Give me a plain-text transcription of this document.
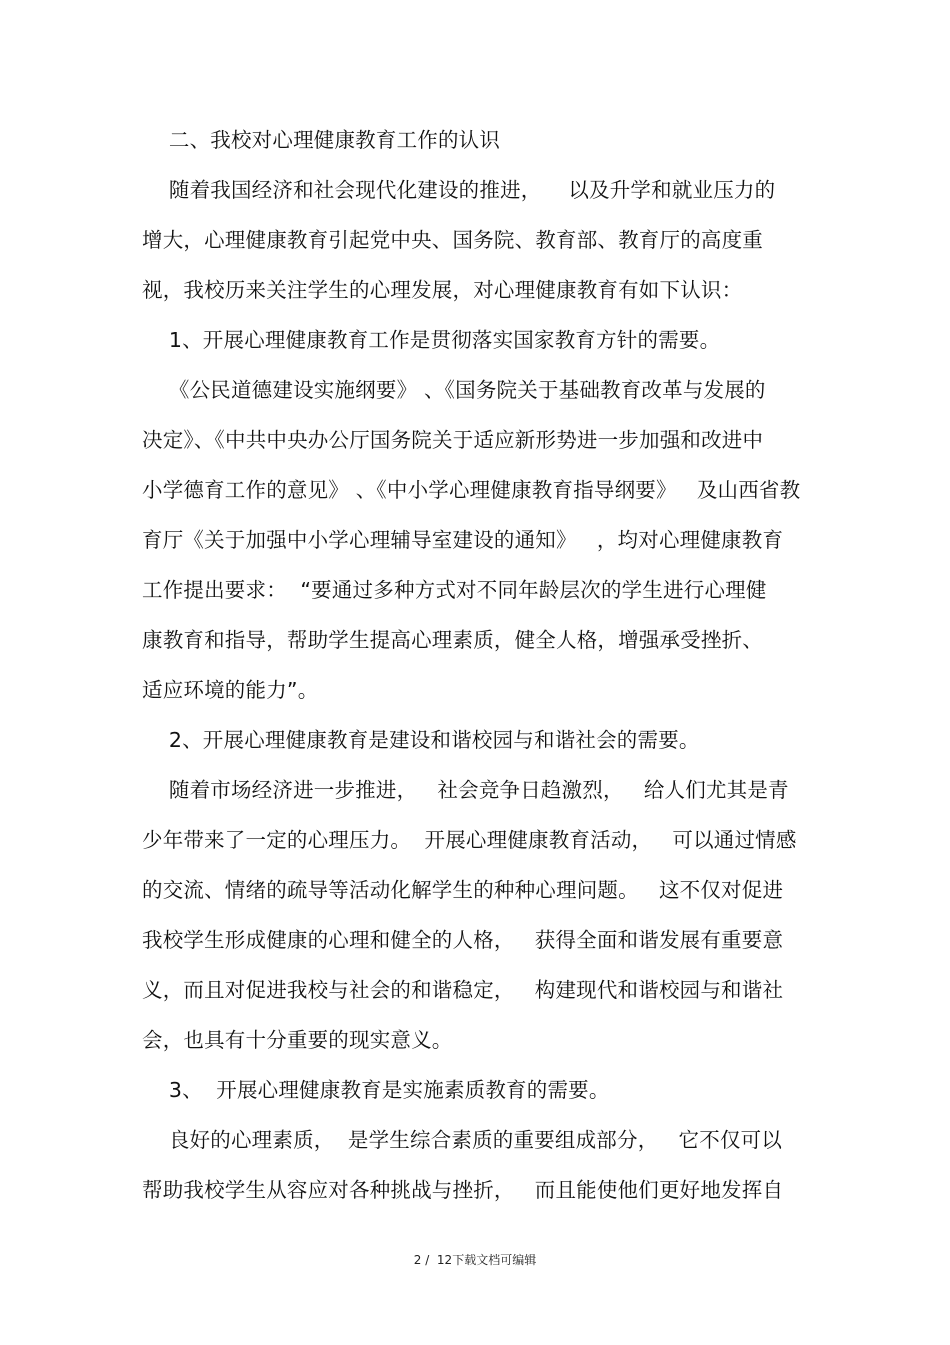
二、我校对心理健康教育工作的认识
随着我国经济和社会现代化建设的推进，    以及升学和就业压力的
增大，心理健康教育引起党中央、国务院、教育部、教育厅的高度重
视，我校历来关注学生的心理发展，对心理健康教育有如下认识：
1、开展心理健康教育工作是贯彻落实国家教育方针的需要。
《公民道德建设实施纲要》 、《国务院关于基础教育改革与发展的
决定》、《中共中央办公厅国务院关于适应新形势进一步加强和改进中
小学德育工作的意见》 、《中小学心理健康教育指导纲要》   及山西省教
育厅《关于加强中小学心理辅导室建设的通知》   ，均对心理健康教育
工作提出要求：  “要通过多种方式对不同年龄层次的学生进行心理健
康教育和指导，帮助学生提高心理素质，健全人格，增强承受挫折、
适应环境的能力”。
2、开展心理健康教育是建设和谐校园与和谐社会的需要。
随着市场经济进一步推进，   社会竞争日趋激烈，   给人们尤其是青
少年带来了一定的心理压力。  开展心理健康教育活动，   可以通过情感
的交流、情绪的疏导等活动化解学生的种种心理问题。   这不仅对促进
我校学生形成健康的心理和健全的人格，   获得全面和谐发展有重要意
义，而且对促进我校与社会的和谐稳定，   构建现代和谐校园与和谐社
会，也具有十分重要的现实意义。
3、  开展心理健康教育是实施素质教育的需要。
良好的心理素质，  是学生综合素质的重要组成部分，   它不仅可以
帮助我校学生从容应对各种挑战与挫折，   而且能使他们更好地发挥自
2 /  12下载文档可编辑
